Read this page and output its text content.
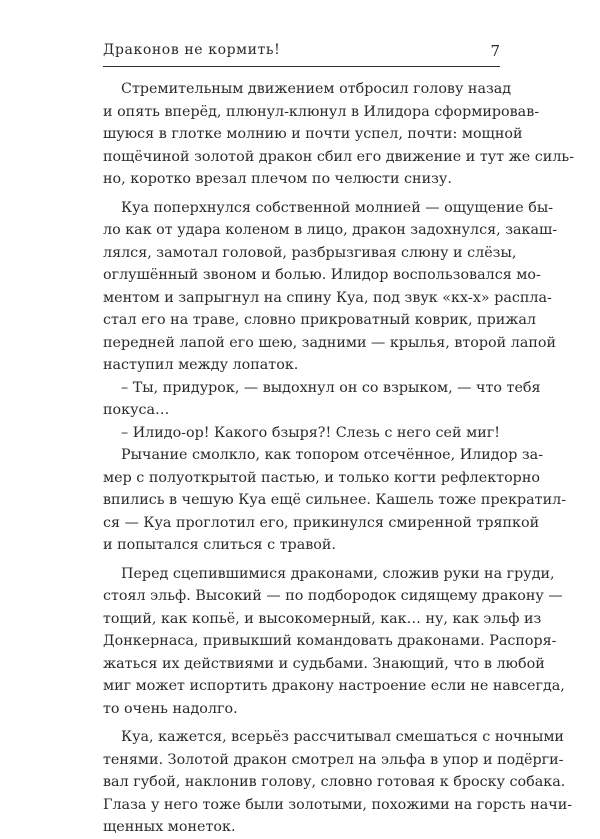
Драконов не кормить!	7

Стремительным движением отбросил голову назад
и опять вперёд, плюнул-клюнул в Илидора сформировав-
шуюся в глотке молнию и почти успел, почти: мощной
пощёчиной золотой дракон сбил его движение и тут же силь-
но, коротко врезал плечом по челюсти снизу.

Куа поперхнулся собственной молнией — ощущение бы-
ло как от удара коленом в лицо, дракон задохнулся, закаш-
лялся, замотал головой, разбрызгивая слюну и слёзы,
оглушённый звоном и болью. Илидор воспользовался мо-
ментом и запрыгнул на спину Куа, под звук «кх-х» распла-
стал его на траве, словно прикроватный коврик, прижал
передней лапой его шею, задними — крылья, второй лапой
наступил между лопаток.

– Ты, придурок, — выдохнул он со взрыком, — что тебя
покуса…

– Илидо-ор! Какого бзыря?! Слезь с него сей миг!

Рычание смолкло, как топором отсечённое, Илидор за-
мер с полуоткрытой пастью, и только когти рефлекторно
впились в чешую Куа ещё сильнее. Кашель тоже прекратил-
ся — Куа проглотил его, прикинулся смиренной тряпкой
и попытался слиться с травой.

Перед сцепившимися драконами, сложив руки на груди,
стоял эльф. Высокий — по подбородок сидящему дракону —
тощий, как копьё, и высокомерный, как… ну, как эльф из
Донкернаса, привыкший командовать драконами. Распоря-
жаться их действиями и судьбами. Знающий, что в любой
миг может испортить дракону настроение если не навсегда,
то очень надолго.

Куа, кажется, всерьёз рассчитывал смешаться с ночными
тенями. Золотой дракон смотрел на эльфа в упор и подёрги-
вал губой, наклонив голову, словно готовая к броску собака.
Глаза у него тоже были золотыми, похожими на горсть начи-
щенных монеток.
